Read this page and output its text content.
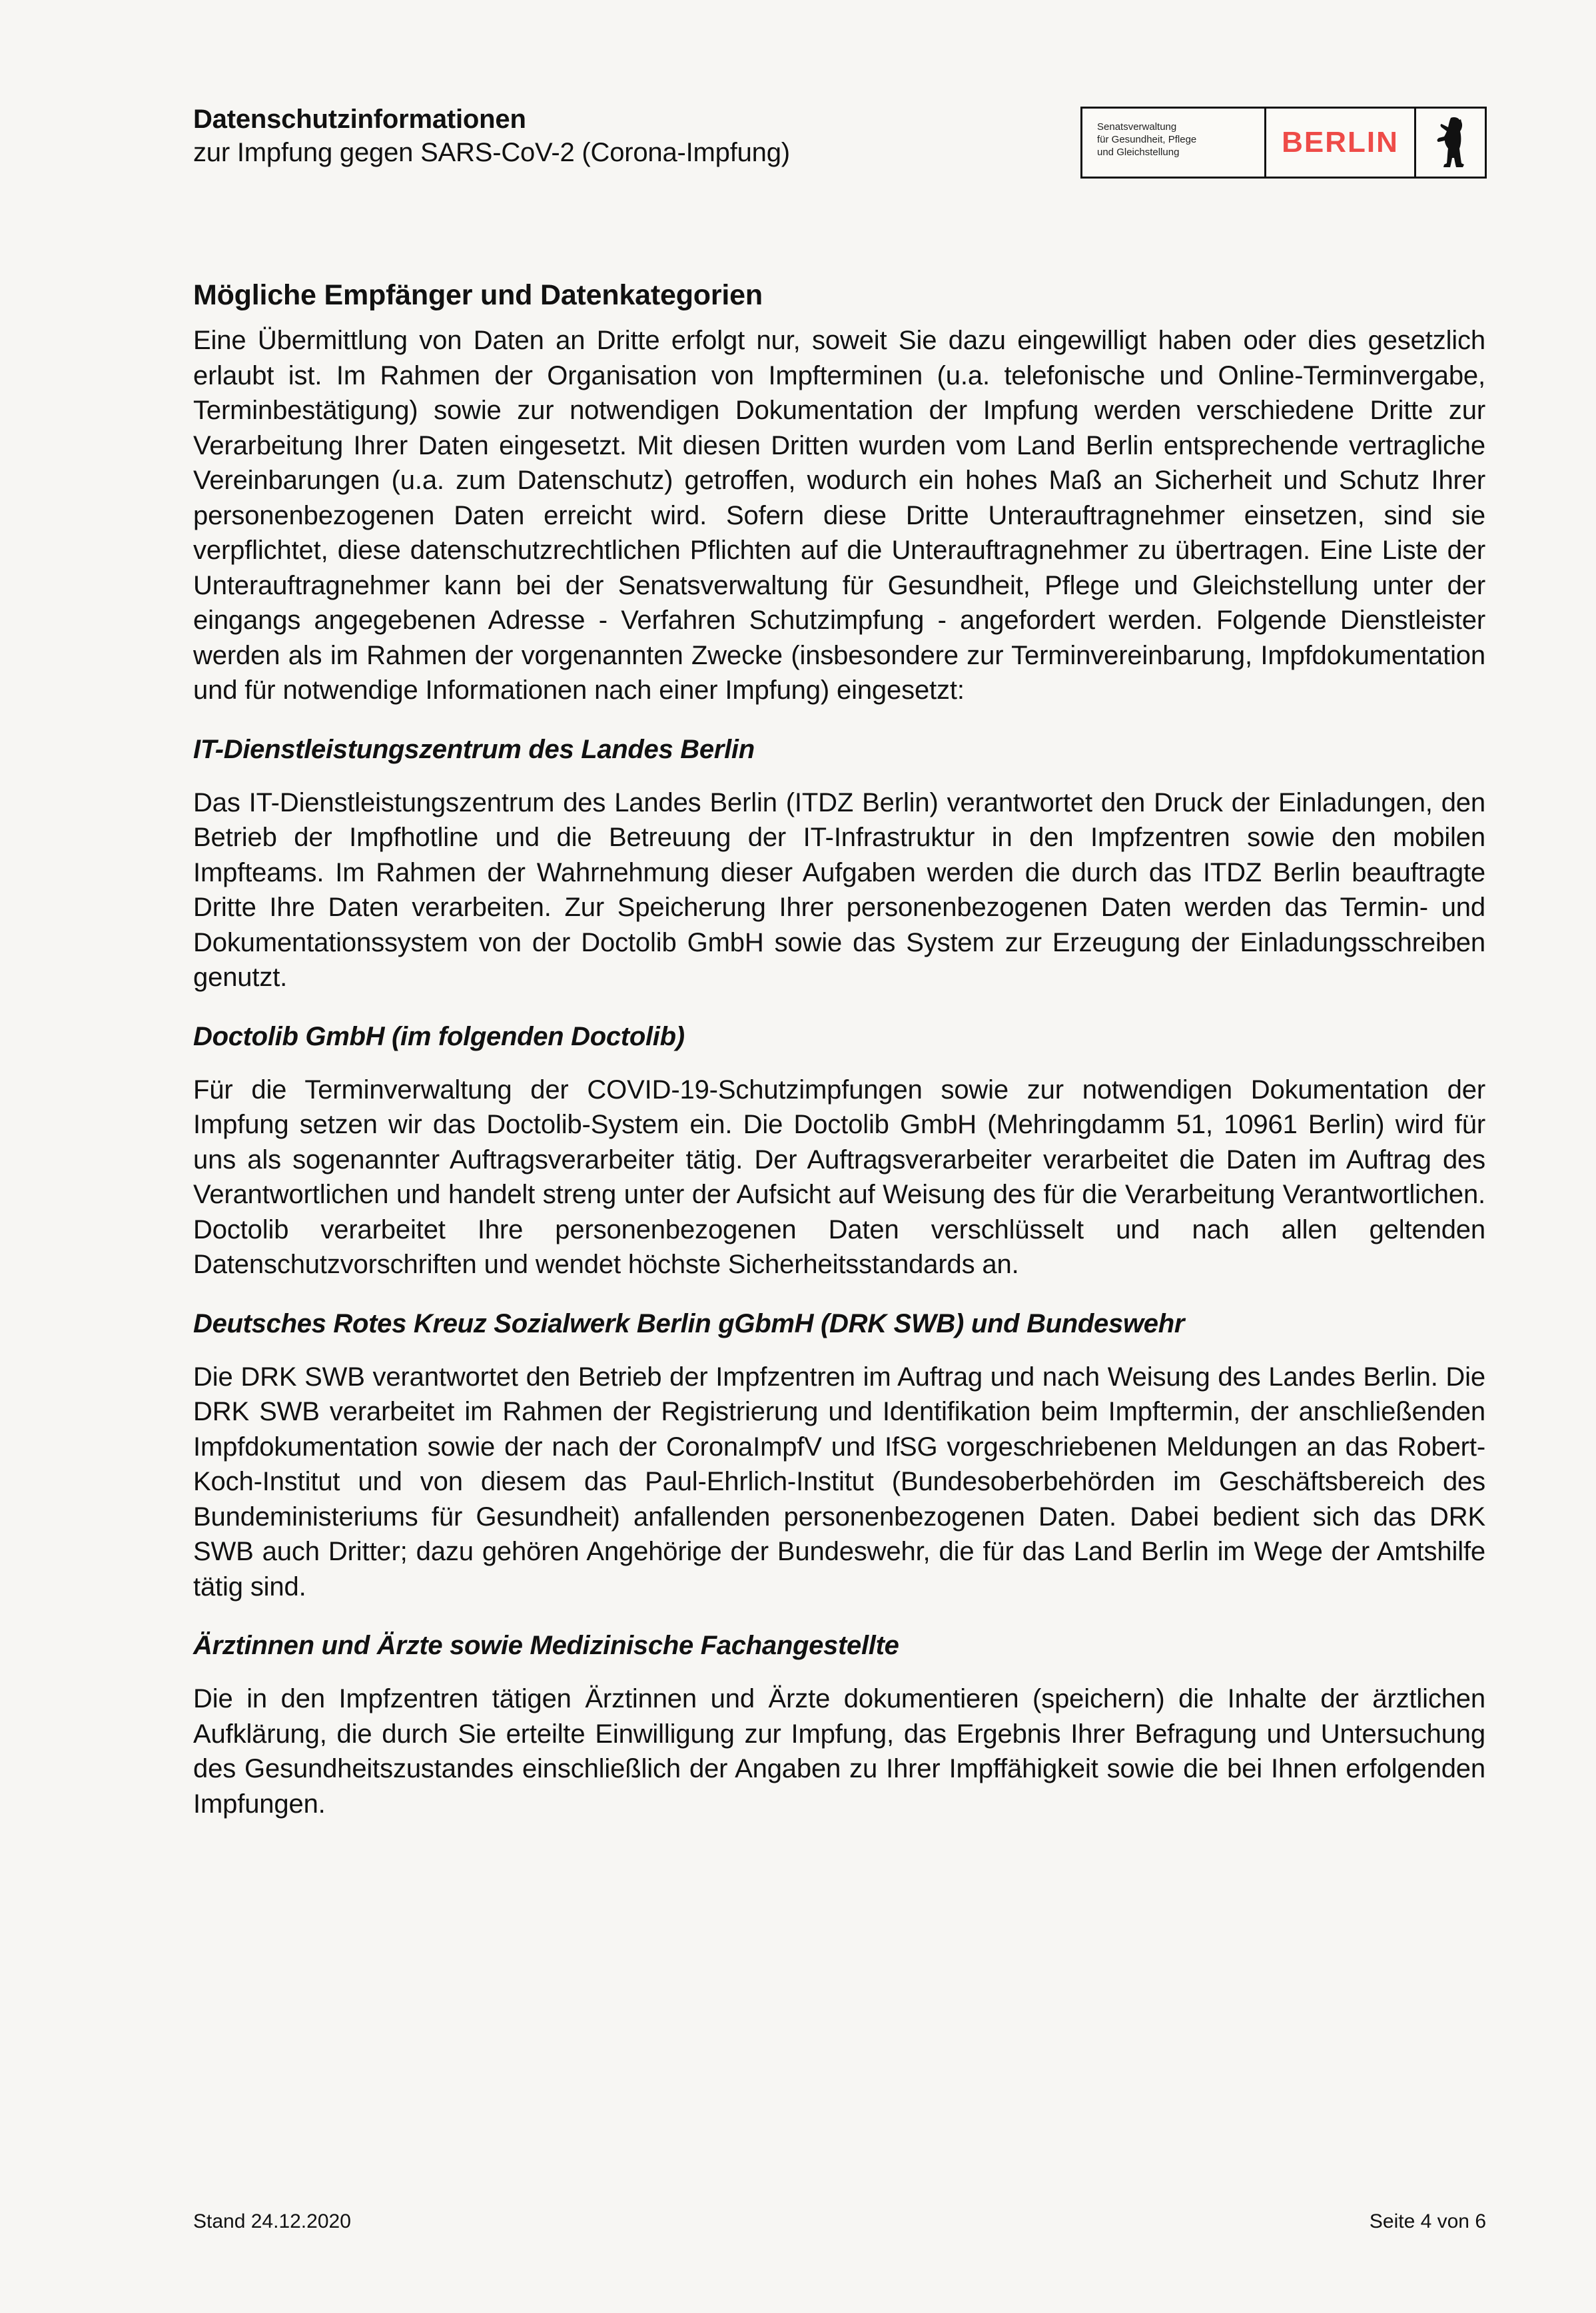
Datenschutzinformationen
zur Impfung gegen SARS-CoV-2 (Corona-Impfung)
Senatsverwaltung
für Gesundheit, Pflege
und Gleichstellung	BERLIN
Mögliche Empfänger und Datenkategorien

Eine Übermittlung von Daten an Dritte erfolgt nur, soweit Sie dazu eingewilligt haben oder dies gesetzlich erlaubt ist. Im Rahmen der Organisation von Impfterminen (u.a. telefonische und Online-Terminvergabe, Terminbestätigung) sowie zur notwendigen Dokumentation der Impfung werden verschiedene Dritte zur Verarbeitung Ihrer Daten eingesetzt. Mit diesen Dritten wurden vom Land Berlin entsprechende vertragliche Vereinbarungen (u.a. zum Datenschutz) getroffen, wodurch ein hohes Maß an Sicherheit und Schutz Ihrer personenbezogenen Daten erreicht wird. Sofern diese Dritte Unterauftragnehmer einsetzen, sind sie verpflichtet, diese datenschutzrechtlichen Pflichten auf die Unterauftragnehmer zu übertragen. Eine Liste der Unterauftragnehmer kann bei der Senatsverwaltung für Gesundheit, Pflege und Gleichstellung unter der eingangs angegebenen Adresse - Verfahren Schutzimpfung - angefordert werden. Folgende Dienstleister werden als im Rahmen der vorgenannten Zwecke (insbesondere zur Terminvereinbarung, Impfdokumentation und für notwendige Informationen nach einer Impfung) eingesetzt:

IT-Dienstleistungszentrum des Landes Berlin

Das IT-Dienstleistungszentrum des Landes Berlin (ITDZ Berlin) verantwortet den Druck der Einladungen, den Betrieb der Impfhotline und die Betreuung der IT-Infrastruktur in den Impfzentren sowie den mobilen Impfteams. Im Rahmen der Wahrnehmung dieser Aufgaben werden die durch das ITDZ Berlin beauftragte Dritte Ihre Daten verarbeiten. Zur Speicherung Ihrer personenbezogenen Daten werden das Termin- und Dokumentationssystem von der Doctolib GmbH sowie das System zur Erzeugung der Einladungsschreiben genutzt.

Doctolib GmbH (im folgenden Doctolib)

Für die Terminverwaltung der COVID-19-Schutzimpfungen sowie zur notwendigen Dokumentation der Impfung setzen wir das Doctolib-System ein. Die Doctolib GmbH (Mehringdamm 51, 10961 Berlin) wird für uns als sogenannter Auftragsverarbeiter tätig. Der Auftragsverarbeiter verarbeitet die Daten im Auftrag des Verantwortlichen und handelt streng unter der Aufsicht auf Weisung des für die Verarbeitung Verantwortlichen. Doctolib verarbeitet Ihre personenbezogenen Daten verschlüsselt und nach allen geltenden Datenschutzvorschriften und wendet höchste Sicherheitsstandards an.

Deutsches Rotes Kreuz Sozialwerk Berlin gGbmH (DRK SWB) und Bundeswehr

Die DRK SWB verantwortet den Betrieb der Impfzentren im Auftrag und nach Weisung des Landes Berlin. Die DRK SWB verarbeitet im Rahmen der Registrierung und Identifikation beim Impftermin, der anschließenden Impfdokumentation sowie der nach der CoronaImpfV und IfSG vorgeschriebenen Meldungen an das Robert-Koch-Institut und von diesem das Paul-Ehrlich-Institut (Bundesoberbehörden im Geschäftsbereich des Bundeministeriums für Gesundheit) anfallenden personenbezogenen Daten. Dabei bedient sich das DRK SWB auch Dritter; dazu gehören Angehörige der Bundeswehr, die für das Land Berlin im Wege der Amtshilfe tätig sind.

Ärztinnen und Ärzte sowie Medizinische Fachangestellte

Die in den Impfzentren tätigen Ärztinnen und Ärzte dokumentieren (speichern) die Inhalte der ärztlichen Aufklärung, die durch Sie erteilte Einwilligung zur Impfung, das Ergebnis Ihrer Befragung und Untersuchung des Gesundheitszustandes einschließlich der Angaben zu Ihrer Impffähigkeit sowie die bei Ihnen erfolgenden Impfungen.

Stand 24.12.2020	Seite 4 von 6
